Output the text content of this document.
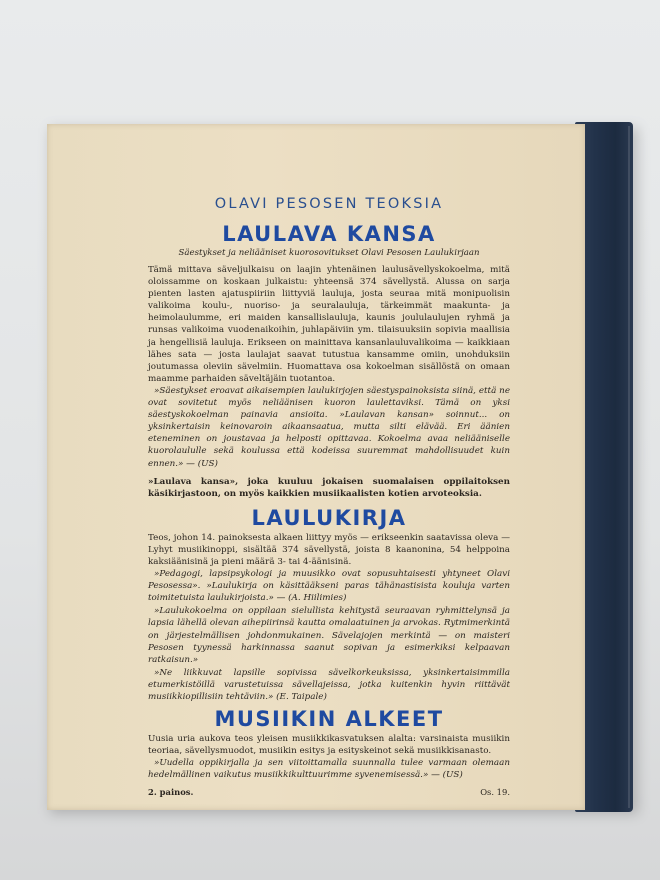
OLAVI PESOSEN TEOKSIA
LAULAVA KANSA
Säestykset ja neliääniset kuorosovitukset Olavi Pesosen Laulukirjaan

Tämä mittava säveljulkaisu on laajin yhtenäinen laulusävellyskokoelma, mitä oloissamme on koskaan julkaistu: yhteensä 374 sävellystä. Alussa on sarja pienten lasten ajatuspiiriin liittyviä lauluja, josta seuraa mitä monipuolisin valikoima koulu-, nuoriso- ja seuralauluja, tärkeimmät maakunta- ja heimolaulumme, eri maiden kansallislauluja, kaunis joululaulujen ryhmä ja runsas valikoima vuodenaikoihin, juhlapäiviin ym. tilaisuuksiin sopivia maallisia ja hengellisiä lauluja. Erikseen on mainittava kansanlauluvalikoima — kaikkiaan lähes sata — josta laulajat saavat tutustua kansamme omiin, unohduksiin joutumassa oleviin sävelmiin. Huomattava osa kokoelman sisällöstä on omaan maamme parhaiden säveltäjäin tuotantoa.

»Säestykset eroavat aikaisempien laulukirjojen säestyspainoksista siinä, että ne ovat sovitetut myös neliäänisen kuoron laulettaviksi. Tämä on yksi säestyskokoelman painavia ansioita. »Laulavan kansan» soinnut... on yksinkertaisin keinovaroin aikaansaatua, mutta silti elävää. Eri äänien eteneminen on joustavaa ja helposti opittavaa. Kokoelma avaa neliääniselle kuorolaululle sekä koulussa että kodeissa suuremmat mahdollisuudet kuin ennen.» — (US)

»Laulava kansa», joka kuuluu jokaisen suomalaisen oppilaitoksen käsikirjastoon, on myös kaikkien musiikaalisten kotien arvoteoksia.

LAULUKIRJA

Teos, johon 14. painoksesta alkaen liittyy myös — erikseenkin saatavissa oleva — Lyhyt musiikinoppi, sisältää 374 sävellystä, joista 8 kaanonina, 54 helppoina kaksiäänisinä ja pieni määrä 3- tai 4-äänisinä.

»Pedagogi, lapsipsykologi ja muusikko ovat sopusuhtaisesti yhtyneet Olavi Pesosessa». »Laulukirja on käsittääkseni paras tähänastisista kouluja varten toimitetuista laulukirjoista.» — (A. Hiilimies)

»Laulukokoelma on oppilaan sielullista kehitystä seuraavan ryhmittelynsä ja lapsia lähellä olevan aihepiirinsä kautta omalaatuinen ja arvokas. Rytmimerkintä on järjestelmällisen johdonmukainen. Sävelajojen merkintä — on maisteri Pesosen tyynessä harkinnassa saanut sopivan ja esimerkiksi kelpaavan ratkaisun.»

»Ne liikkuvat lapsille sopivissa sävelkorkeuksissa, yksinkertaisimmilla etumerkistöillä varustetuissa sävellajeissa, jotka kuitenkin hyvin riittävät musiikkiopillisiin tehtäviin.» (E. Taipale)

MUSIIKIN ALKEET

Uusia uria aukova teos yleisen musiikkikasvatuksen alalta: varsinaista musiikin teoriaa, sävellysmuodot, musiikin esitys ja esityskeinot sekä musiikkisanasto.

»Uudella oppikirjalla ja sen viitoittamalla suunnalla tulee varmaan olemaan hedelmällinen vaikutus musiikkikulttuurimme syvenemisessä.» — (US)

2. painos.	Os. 19.
